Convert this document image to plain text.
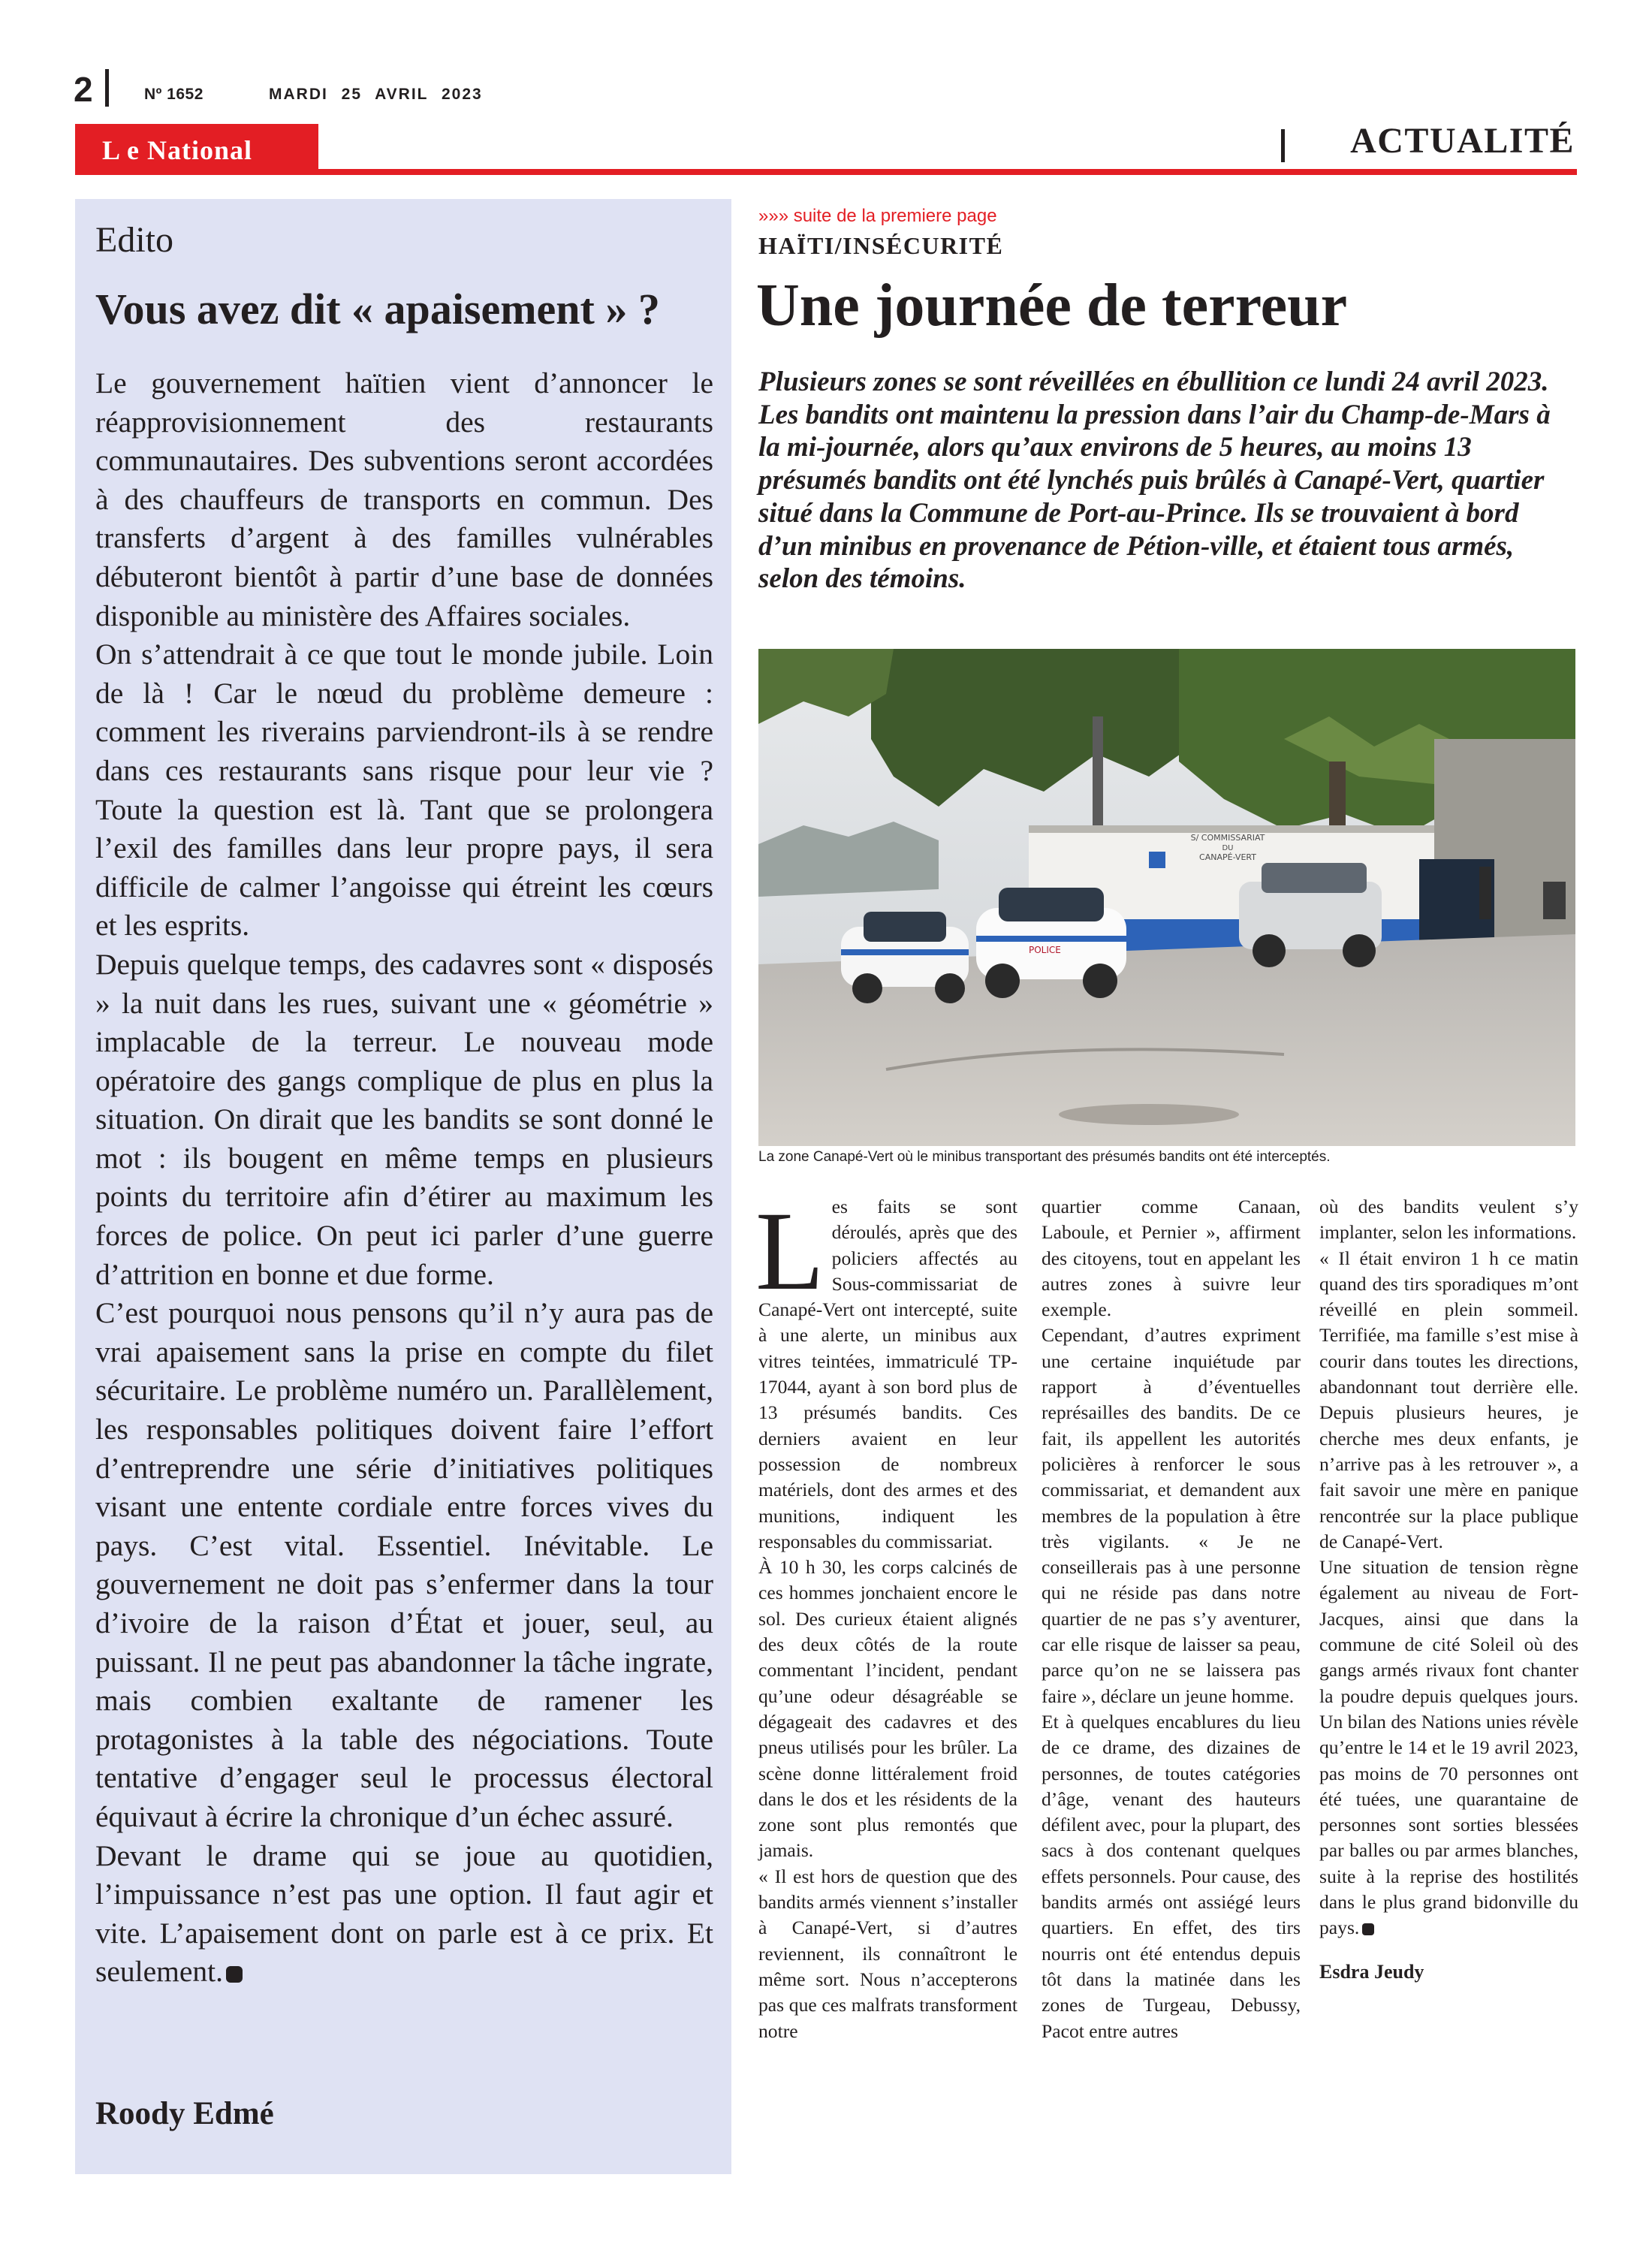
2	Nº 1652	MARDI 25 AVRIL 2023
L e National	ACTUALITÉ
Edito
Vous avez dit « apaisement » ?

Le gouvernement haïtien vient d’annoncer le réapprovisionnement des restaurants communautaires. Des subventions seront accordées à des chauffeurs de transports en commun. Des transferts d’argent à des familles vulnérables débuteront bientôt à partir d’une base de données disponible au ministère des Affaires sociales.

On s’attendrait à ce que tout le monde jubile. Loin de là ! Car le nœud du problème demeure : comment les riverains parviendront-ils à se rendre dans ces restaurants sans risque pour leur vie ? Toute la question est là. Tant que se prolongera l’exil des familles dans leur propre pays, il sera difficile de calmer l’angoisse qui étreint les cœurs et les esprits.

Depuis quelque temps, des cadavres sont « disposés » la nuit dans les rues, suivant une « géométrie » implacable de la terreur. Le nouveau mode opératoire des gangs complique de plus en plus la situation. On dirait que les bandits se sont donné le mot : ils bougent en même temps en plusieurs points du territoire afin d’étirer au maximum les forces de police. On peut ici parler d’une guerre d’attrition en bonne et due forme.

C’est pourquoi nous pensons qu’il n’y aura pas de vrai apaisement sans la prise en compte du filet sécuritaire. Le problème numéro un. Parallèlement, les responsables politiques doivent faire l’effort d’entreprendre une série d’initiatives politiques visant une entente cordiale entre forces vives du pays. C’est vital. Essentiel. Inévitable. Le gouvernement ne doit pas s’enfermer dans la tour d’ivoire de la raison d’État et jouer, seul, au puissant. Il ne peut pas abandonner la tâche ingrate, mais combien exaltante de ramener les protagonistes à la table des négociations. Toute tentative d’engager seul le processus électoral équivaut à écrire la chronique d’un échec assuré.

Devant le drame qui se joue au quotidien, l’impuissance n’est pas une option. Il faut agir et vite. L’apaisement dont on parle est à ce prix. Et seulement.

Roody Edmé
»»» suite de la premiere page
HAÏTI/INSÉCURITÉ
Une journée de terreur
Plusieurs zones se sont réveillées en ébullition ce lundi 24 avril 2023. Les bandits ont maintenu la pression dans l’air du Champ-de-Mars à la mi-journée, alors qu’aux environs de 5 heures, au moins 13 présumés bandits ont été lynchés puis brûlés à Canapé-Vert, quartier situé dans la Commune de Port-au-Prince. Ils se trouvaient à bord d’un minibus en provenance de Pétion-ville, et étaient tous armés, selon des témoins.
S/ COMMISSARIAT
DU
CANAPÉ-VERT
POLICE
La zone Canapé-Vert où le minibus transportant des présumés bandits ont été interceptés.
L es faits se sont déroulés, après que des policiers affectés au Sous-commissariat de Canapé-Vert ont intercepté, suite à une alerte, un minibus aux vitres teintées, immatriculé TP-17044, ayant à son bord plus de 13 présumés bandits. Ces derniers avaient en leur possession de nombreux matériels, dont des armes et des munitions, indiquent les responsables du commissariat.

À 10 h 30, les corps calcinés de ces hommes jonchaient encore le sol. Des curieux étaient alignés des deux côtés de la route commentant l’incident, pendant qu’une odeur désagréable se dégageait des cadavres et des pneus utilisés pour les brûler. La scène donne littéralement froid dans le dos et les résidents de la zone sont plus remontés que jamais.

« Il est hors de question que des bandits armés viennent s’installer à Canapé-Vert, si d’autres reviennent, ils connaîtront le même sort. Nous n’accepterons pas que ces malfrats transforment notre

quartier comme Canaan, Laboule, et Pernier », affirment des citoyens, tout en appelant les autres zones à suivre leur exemple.

Cependant, d’autres expriment une certaine inquiétude par rapport à d’éventuelles représailles des bandits. De ce fait, ils appellent les autorités policières à renforcer le sous commissariat, et demandent aux membres de la population à être très vigilants. « Je ne conseillerais pas à une personne qui ne réside pas dans notre quartier de ne pas s’y aventurer, car elle risque de laisser sa peau, parce qu’on ne se laissera pas faire », déclare un jeune homme.

Et à quelques encablures du lieu de ce drame, des dizaines de personnes, de toutes catégories d’âge, venant des hauteurs défilent avec, pour la plupart, des sacs à dos contenant quelques effets personnels. Pour cause, des bandits armés ont assiégé leurs quartiers. En effet, des tirs nourris ont été entendus depuis tôt dans la matinée dans les zones de Turgeau, Debussy, Pacot entre autres

où des bandits veulent s’y implanter, selon les informations.

« Il était environ 1 h ce matin quand des tirs sporadiques m’ont réveillé en plein sommeil. Terrifiée, ma famille s’est mise à courir dans toutes les directions, abandonnant tout derrière elle. Depuis plusieurs heures, je cherche mes deux enfants, je n’arrive pas à les retrouver », a fait savoir une mère en panique rencontrée sur la place publique de Canapé-Vert.

Une situation de tension règne également au niveau de Fort-Jacques, ainsi que dans la commune de cité Soleil où des gangs armés rivaux font chanter la poudre depuis quelques jours. Un bilan des Nations unies révèle qu’entre le 14 et le 19 avril 2023, pas moins de 70 personnes ont été tuées, une quarantaine de personnes sont sorties blessées par balles ou par armes blanches, suite à la reprise des hostilités dans le plus grand bidonville du pays.

Esdra Jeudy
